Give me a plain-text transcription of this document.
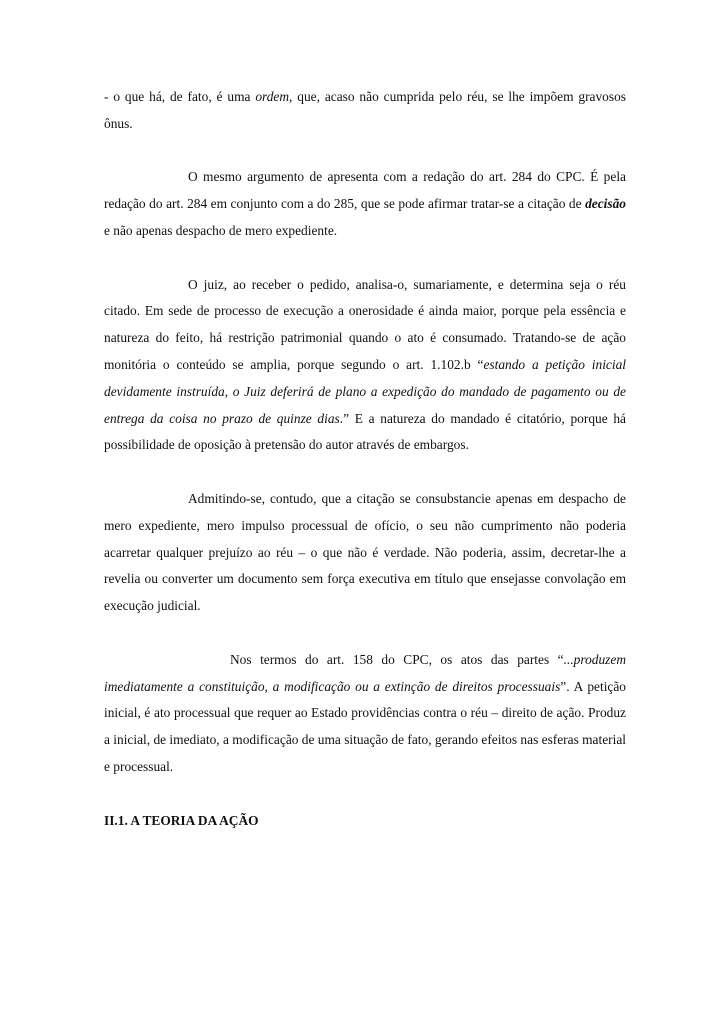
- o que há, de fato, é uma ordem, que, acaso não cumprida pelo réu, se lhe impõem gravosos ônus.

O mesmo argumento de apresenta com a redação do art. 284 do CPC. É pela redação do art. 284 em conjunto com a do 285, que se pode afirmar tratar-se a citação de decisão e não apenas despacho de mero expediente.

O juiz, ao receber o pedido, analisa-o, sumariamente, e determina seja o réu citado. Em sede de processo de execução a onerosidade é ainda maior, porque pela essência e natureza do feito, há restrição patrimonial quando o ato é consumado. Tratando-se de ação monitória o conteúdo se amplia, porque segundo o art. 1.102.b “estando a petição inicial devidamente instruída, o Juiz deferirá de plano a expedição do mandado de pagamento ou de entrega da coisa no prazo de quinze dias.” E a natureza do mandado é citatório, porque há possibilidade de oposição à pretensão do autor através de embargos.

Admitindo-se, contudo, que a citação se consubstancie apenas em despacho de mero expediente, mero impulso processual de ofício, o seu não cumprimento não poderia acarretar qualquer prejuízo ao réu – o que não é verdade. Não poderia, assim, decretar-lhe a revelia ou converter um documento sem força executiva em título que ensejasse convolação em execução judicial.

Nos termos do art. 158 do CPC, os atos das partes “...produzem imediatamente a constituição, a modificação ou a extinção de direitos processuais”. A petição inicial, é ato processual que requer ao Estado providências contra o réu – direito de ação. Produz a inicial, de imediato, a modificação de uma situação de fato, gerando efeitos nas esferas material e processual.

II.1. A TEORIA DA AÇÃO
